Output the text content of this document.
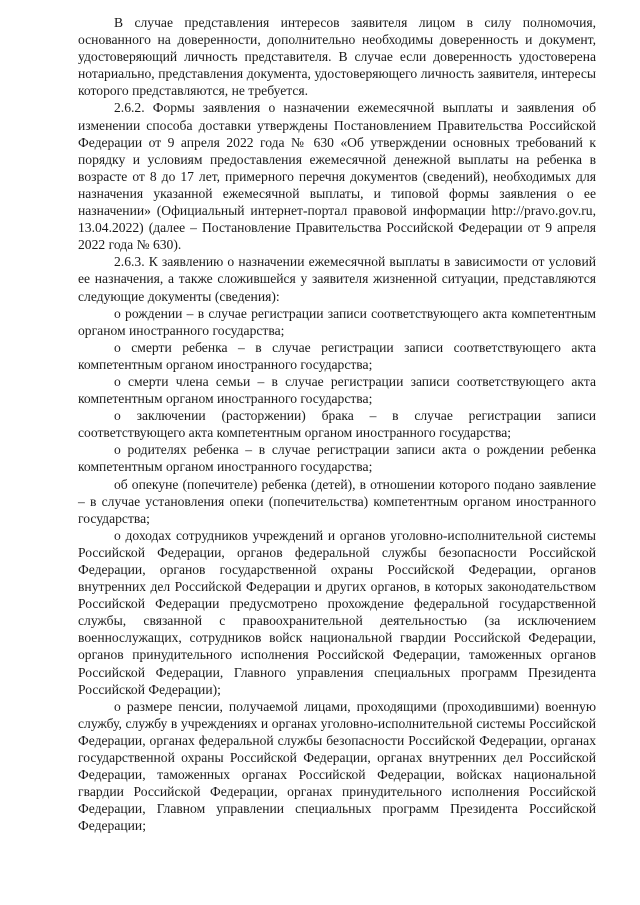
В случае представления интересов заявителя лицом в силу полномочия, основанного на доверенности, дополнительно необходимы доверенность и документ, удостоверяющий личность представителя. В случае если доверенность удостоверена нотариально, представления документа, удостоверяющего личность заявителя, интересы которого представляются, не требуется.

2.6.2. Формы заявления о назначении ежемесячной выплаты и заявления об изменении способа доставки утверждены Постановлением Правительства Российской Федерации от 9 апреля 2022 года № 630 «Об утверждении основных требований к порядку и условиям предоставления ежемесячной денежной выплаты на ребенка в возрасте от 8 до 17 лет, примерного перечня документов (сведений), необходимых для назначения указанной ежемесячной выплаты, и типовой формы заявления о ее назначении» (Официальный интернет-портал правовой информации http://pravo.gov.ru, 13.04.2022) (далее – Постановление Правительства Российской Федерации от 9 апреля 2022 года № 630).

2.6.3. К заявлению о назначении ежемесячной выплаты в зависимости от условий ее назначения, а также сложившейся у заявителя жизненной ситуации, представляются следующие документы (сведения):

о рождении – в случае регистрации записи соответствующего акта компетентным органом иностранного государства;

о смерти ребенка – в случае регистрации записи соответствующего акта компетентным органом иностранного государства;

о смерти члена семьи – в случае регистрации записи соответствующего акта компетентным органом иностранного государства;

о заключении (расторжении) брака – в случае регистрации записи соответствующего акта компетентным органом иностранного государства;

о родителях ребенка – в случае регистрации записи акта о рождении ребенка компетентным органом иностранного государства;

об опекуне (попечителе) ребенка (детей), в отношении которого подано заявление – в случае установления опеки (попечительства) компетентным органом иностранного государства;

о доходах сотрудников учреждений и органов уголовно-исполнительной системы Российской Федерации, органов федеральной службы безопасности Российской Федерации, органов государственной охраны Российской Федерации, органов внутренних дел Российской Федерации и других органов, в которых законодательством Российской Федерации предусмотрено прохождение федеральной государственной службы, связанной с правоохранительной деятельностью (за исключением военнослужащих, сотрудников войск национальной гвардии Российской Федерации, органов принудительного исполнения Российской Федерации, таможенных органов Российской Федерации, Главного управления специальных программ Президента Российской Федерации);

о размере пенсии, получаемой лицами, проходящими (проходившими) военную службу, службу в учреждениях и органах уголовно-исполнительной системы Российской Федерации, органах федеральной службы безопасности Российской Федерации, органах государственной охраны Российской Федерации, органах внутренних дел Российской Федерации, таможенных органах Российской Федерации, войсках национальной гвардии Российской Федерации, органах принудительного исполнения Российской Федерации, Главном управлении специальных программ Президента Российской Федерации;
